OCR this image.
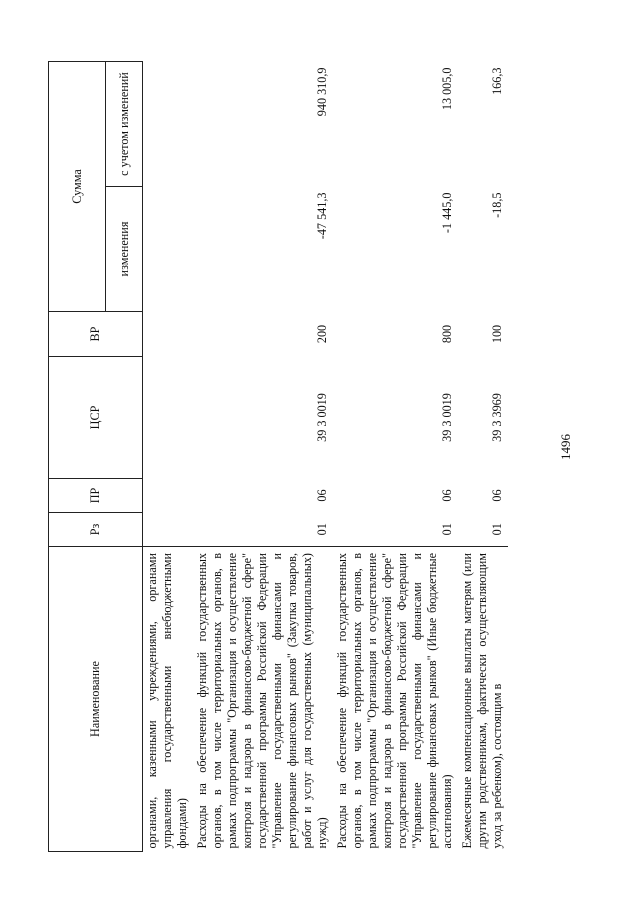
Наименование	Рз	ПР	ЦСР	ВР	Сумма	
					изменения	с учетом изменений
органами, казенными учреждениями, органами управления государственными внебюджетными фондами)						
Расходы на обеспечение функций государственных органов, в том числе территориальных органов, в рамках подпрограммы "Организация и осуществление контроля и надзора в финансово-бюджетной сфере" государственной программы Российской Федерации "Управление государственными финансами и регулирование финансовых рынков" (Закупка товаров, работ и услуг для государственных (муниципальных) нужд)	01	06	39 3 0019	200	-47 541,3	940 310,9
Расходы на обеспечение функций государственных органов, в том числе территориальных органов, в рамках подпрограммы "Организация и осуществление контроля и надзора в финансово-бюджетной сфере" государственной программы Российской Федерации "Управление государственными финансами и регулирование финансовых рынков" (Иные бюджетные ассигнования)	01	06	39 3 0019	800	-1 445,0	13 005,0
Ежемесячные компенсационные выплаты матерям (или другим родственникам, фактически осуществляющим уход за ребенком), состоящим в	01	06	39 3 3969	100	-18,5	166,3
1496
